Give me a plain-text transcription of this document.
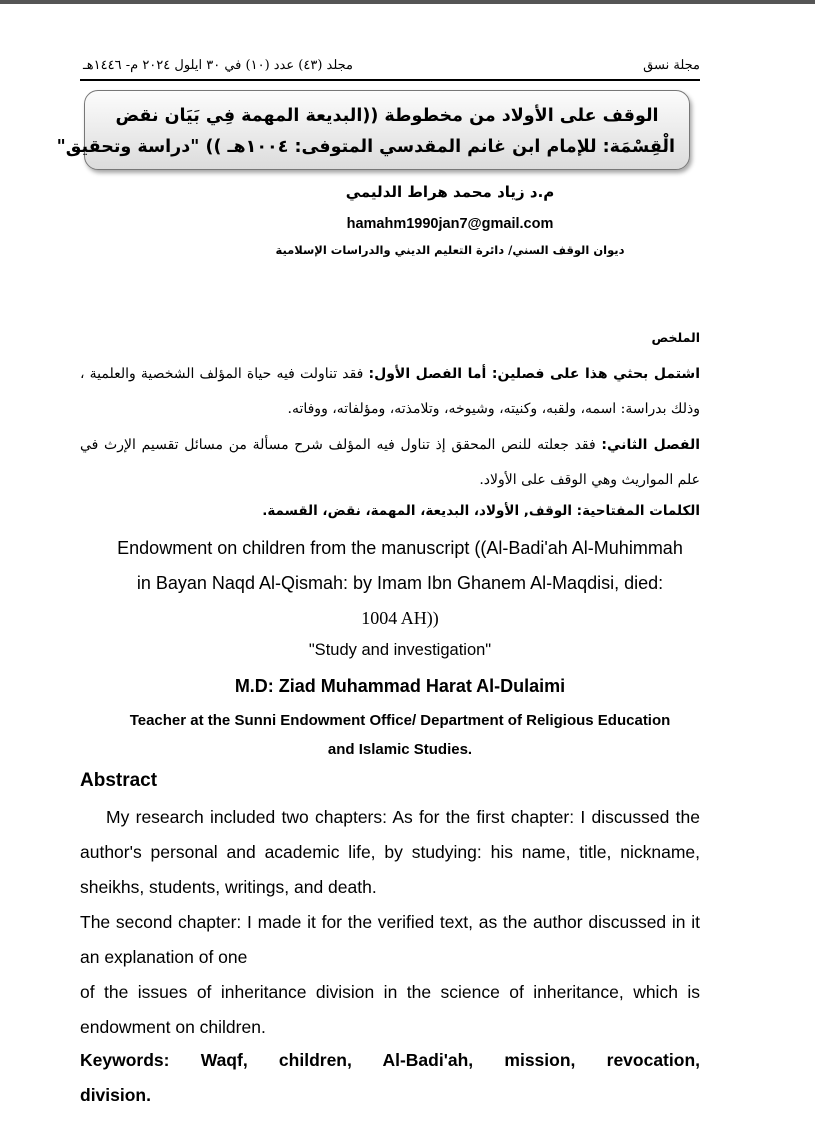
مجلد (٤٣) عدد (١٠) في ٣٠ ايلول ٢٠٢٤ م- ١٤٤٦هـ	مجلة نسق
الوقف على الأولاد من مخطوطة ((البديعة المهمة فِي بَيَان نقض
الْقِسْمَة: للإمام ابن غانم المقدسي المتوفى: ١٠٠٤هـ )) "دراسة وتحقيق"
م.د زياد محمد هراط الدليمي
hamahm1990jan7@gmail.com
ديوان الوقف السني/ دائرة التعليم الديني والدراسات الإسلامية
الملخص
اشتمل بحثي هذا على فصلين: أما الفصل الأول: فقد تناولت فيه حياة المؤلف الشخصية والعلمية ، وذلك بدراسة: اسمه، ولقبه، وكنيته، وشيوخه، وتلامذته، ومؤلفاته، ووفاته.
الفصل الثاني: فقد جعلته للنص المحقق إذ تناول فيه المؤلف شرح مسألة من مسائل تقسيم الإرث في علم المواريث وهي الوقف على الأولاد.
الكلمات المفتاحية: الوقف, الأولاد، البديعة، المهمة، نقض، القسمة.
Endowment on children from the manuscript ((Al-Badi'ah Al-Muhimmah
in Bayan Naqd Al-Qismah: by Imam Ibn Ghanem Al-Maqdisi, died:
1004 AH))
"Study and investigation"
M.D: Ziad Muhammad Harat Al-Dulaimi
Teacher at the Sunni Endowment Office/ Department of Religious Education
and Islamic Studies.
Abstract
My research included two chapters: As for the first chapter: I discussed the author's personal and academic life, by studying: his name, title, nickname, sheikhs, students, writings, and death.
The second chapter: I made it for the verified text, as the author discussed in it an explanation of one
of the issues of inheritance division in the science of inheritance, which is endowment on children.
Keywords: Waqf, children, Al-Badi'ah, mission, revocation,
division.
